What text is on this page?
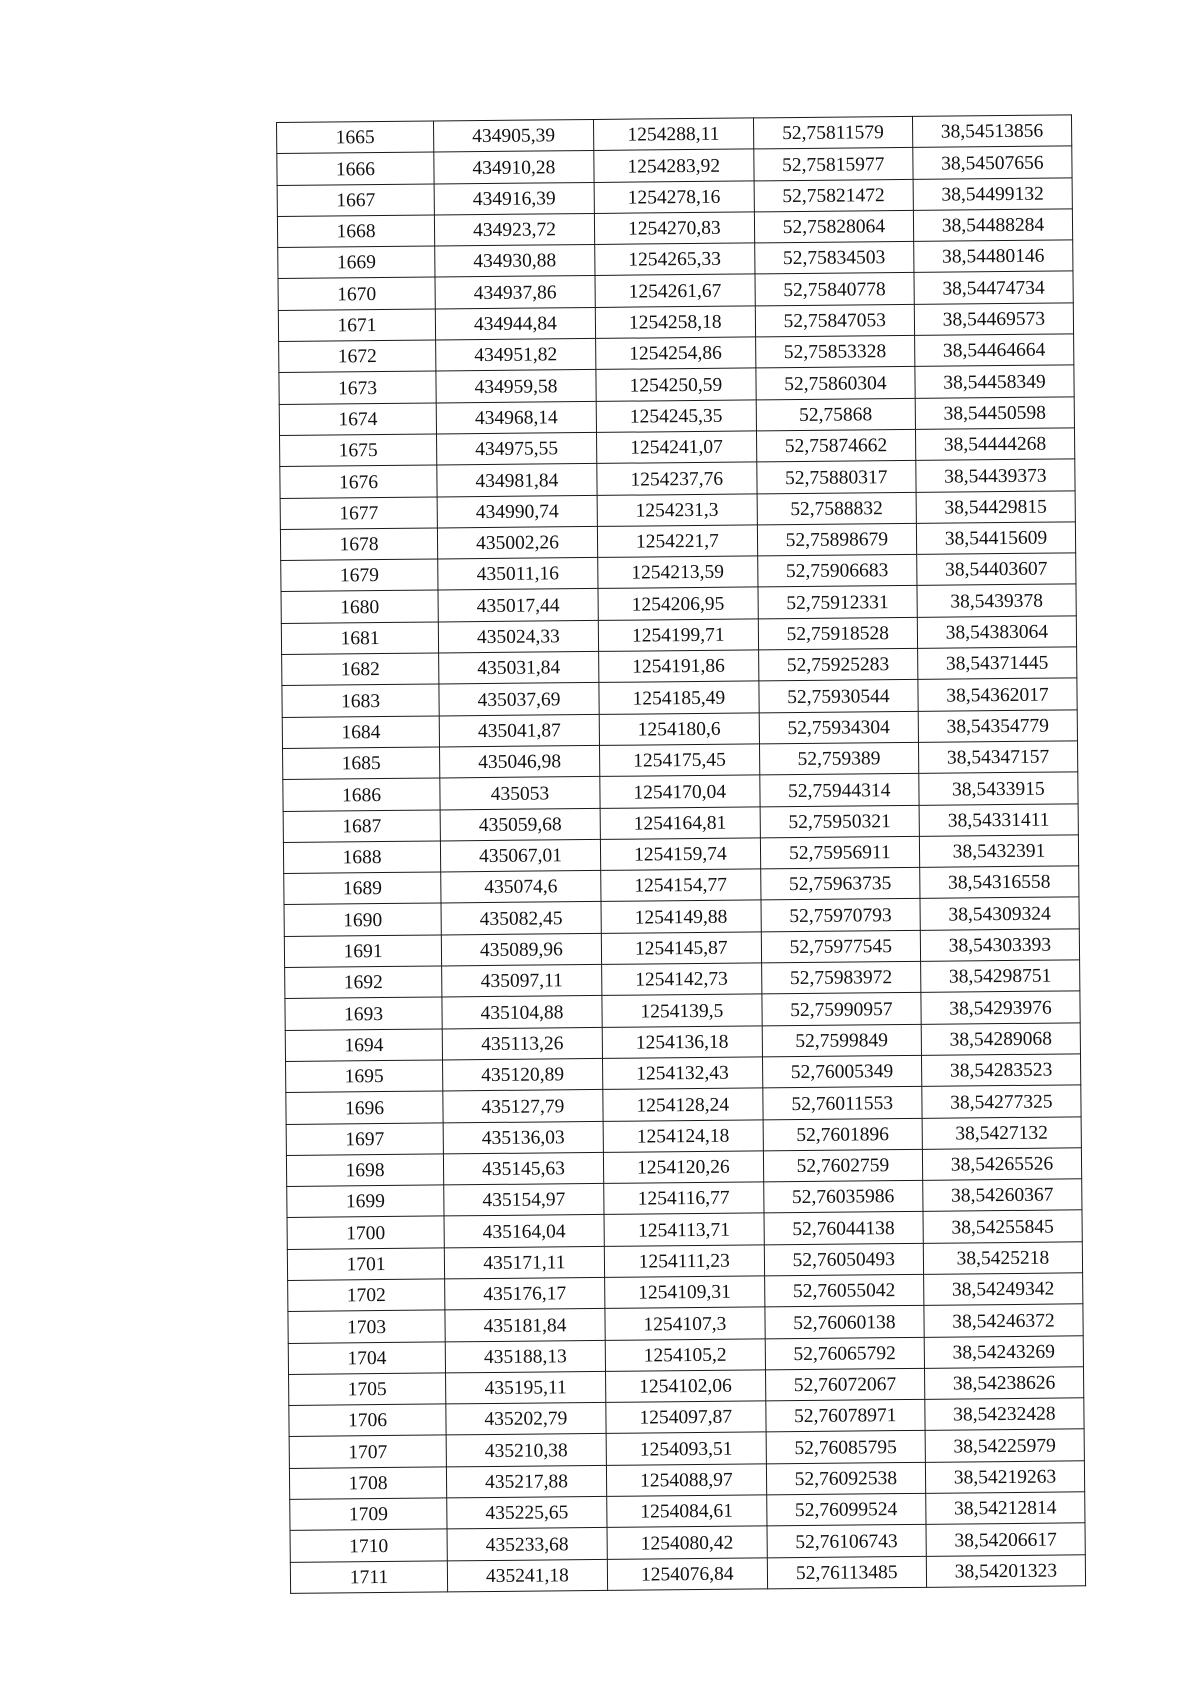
1665	434905,39	1254288,11	52,75811579	38,54513856
1666	434910,28	1254283,92	52,75815977	38,54507656
1667	434916,39	1254278,16	52,75821472	38,54499132
1668	434923,72	1254270,83	52,75828064	38,54488284
1669	434930,88	1254265,33	52,75834503	38,54480146
1670	434937,86	1254261,67	52,75840778	38,54474734
1671	434944,84	1254258,18	52,75847053	38,54469573
1672	434951,82	1254254,86	52,75853328	38,54464664
1673	434959,58	1254250,59	52,75860304	38,54458349
1674	434968,14	1254245,35	52,75868	38,54450598
1675	434975,55	1254241,07	52,75874662	38,54444268
1676	434981,84	1254237,76	52,75880317	38,54439373
1677	434990,74	1254231,3	52,7588832	38,54429815
1678	435002,26	1254221,7	52,75898679	38,54415609
1679	435011,16	1254213,59	52,75906683	38,54403607
1680	435017,44	1254206,95	52,75912331	38,5439378
1681	435024,33	1254199,71	52,75918528	38,54383064
1682	435031,84	1254191,86	52,75925283	38,54371445
1683	435037,69	1254185,49	52,75930544	38,54362017
1684	435041,87	1254180,6	52,75934304	38,54354779
1685	435046,98	1254175,45	52,759389	38,54347157
1686	435053	1254170,04	52,75944314	38,5433915
1687	435059,68	1254164,81	52,75950321	38,54331411
1688	435067,01	1254159,74	52,75956911	38,5432391
1689	435074,6	1254154,77	52,75963735	38,54316558
1690	435082,45	1254149,88	52,75970793	38,54309324
1691	435089,96	1254145,87	52,75977545	38,54303393
1692	435097,11	1254142,73	52,75983972	38,54298751
1693	435104,88	1254139,5	52,75990957	38,54293976
1694	435113,26	1254136,18	52,7599849	38,54289068
1695	435120,89	1254132,43	52,76005349	38,54283523
1696	435127,79	1254128,24	52,76011553	38,54277325
1697	435136,03	1254124,18	52,7601896	38,5427132
1698	435145,63	1254120,26	52,7602759	38,54265526
1699	435154,97	1254116,77	52,76035986	38,54260367
1700	435164,04	1254113,71	52,76044138	38,54255845
1701	435171,11	1254111,23	52,76050493	38,5425218
1702	435176,17	1254109,31	52,76055042	38,54249342
1703	435181,84	1254107,3	52,76060138	38,54246372
1704	435188,13	1254105,2	52,76065792	38,54243269
1705	435195,11	1254102,06	52,76072067	38,54238626
1706	435202,79	1254097,87	52,76078971	38,54232428
1707	435210,38	1254093,51	52,76085795	38,54225979
1708	435217,88	1254088,97	52,76092538	38,54219263
1709	435225,65	1254084,61	52,76099524	38,54212814
1710	435233,68	1254080,42	52,76106743	38,54206617
1711	435241,18	1254076,84	52,76113485	38,54201323
